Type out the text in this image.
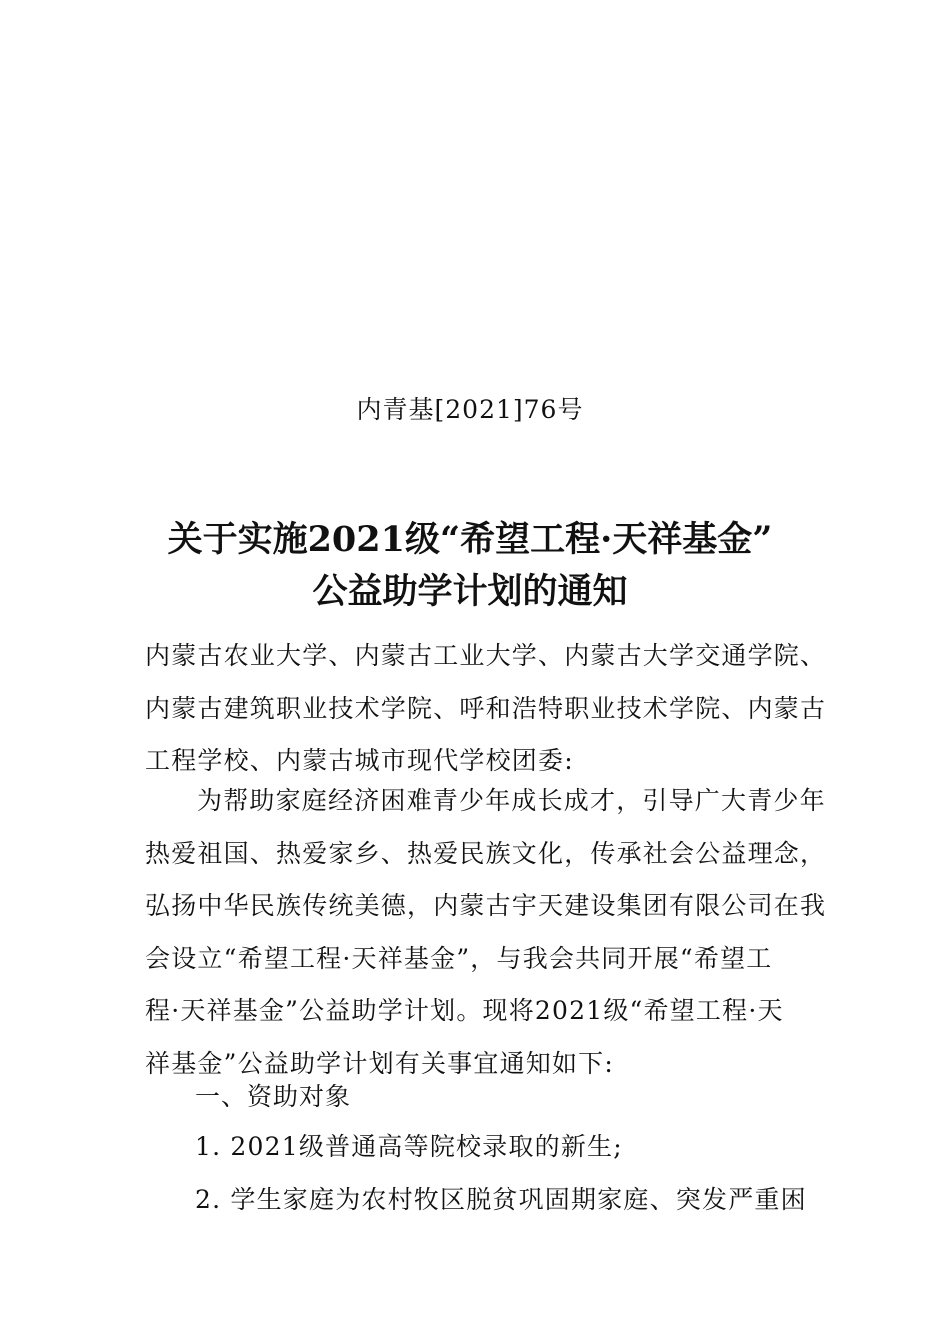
内青基[2021]76号
关于实施2021级“希望工程·天祥基金”
公益助学计划的通知
内蒙古农业大学、内蒙古工业大学、内蒙古大学交通学院、
内蒙古建筑职业技术学院、呼和浩特职业技术学院、内蒙古
工程学校、内蒙古城市现代学校团委:
为帮助家庭经济困难青少年成长成才，引导广大青少年
热爱祖国、热爱家乡、热爱民族文化，传承社会公益理念，
弘扬中华民族传统美德，内蒙古宇天建设集团有限公司在我
会设立“希望工程·天祥基金”，与我会共同开展“希望工
程·天祥基金”公益助学计划。现将2021级“希望工程·天
祥基金”公益助学计划有关事宜通知如下:
一、资助对象
1. 2021级普通高等院校录取的新生;
2. 学生家庭为农村牧区脱贫巩固期家庭、突发严重困
